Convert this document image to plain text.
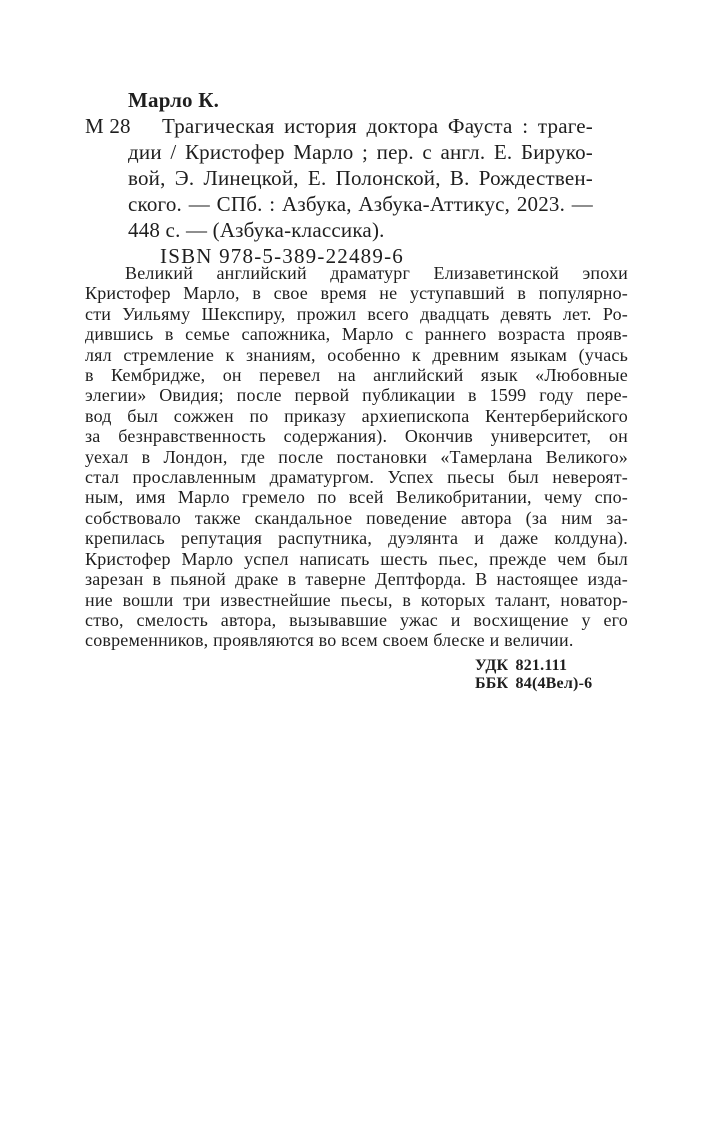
Марло К.
М 28 Трагическая история доктора Фауста : траге-
дии / Кристофер Марло ; пер. с англ. Е. Бируко-
вой, Э. Линецкой, Е. Полонской, В. Рождествен-
ского. — СПб. : Азбука, Азбука-Аттикус, 2023. —
448 с. — (Азбука-классика).
ISBN 978-5-389-22489-6
Великий английский драматург Елизаветинской эпохи
Кристофер Марло, в свое время не уступавший в популярно-
сти Уильяму Шекспиру, прожил всего двадцать девять лет. Ро-
дившись в семье сапожника, Марло с раннего возраста прояв-
лял стремление к знаниям, особенно к древним языкам (учась
в Кембридже, он перевел на английский язык «Любовные
элегии» Овидия; после первой публикации в 1599 году пере-
вод был сожжен по приказу архиепископа Кентерберийского
за безнравственность содержания). Окончив университет, он
уехал в Лондон, где после постановки «Тамерлана Великого»
стал прославленным драматургом. Успех пьесы был невероят-
ным, имя Марло гремело по всей Великобритании, чему спо-
собствовало также скандальное поведение автора (за ним за-
крепилась репутация распутника, дуэлянта и даже колдуна).
Кристофер Марло успел написать шесть пьес, прежде чем был
зарезан в пьяной драке в таверне Дептфорда. В настоящее изда-
ние вошли три известнейшие пьесы, в которых талант, новатор-
ство, смелость автора, вызывавшие ужас и восхищение у его
современников, проявляются во всем своем блеске и величии.
УДК 821.111
ББК 84(4Вел)-6
